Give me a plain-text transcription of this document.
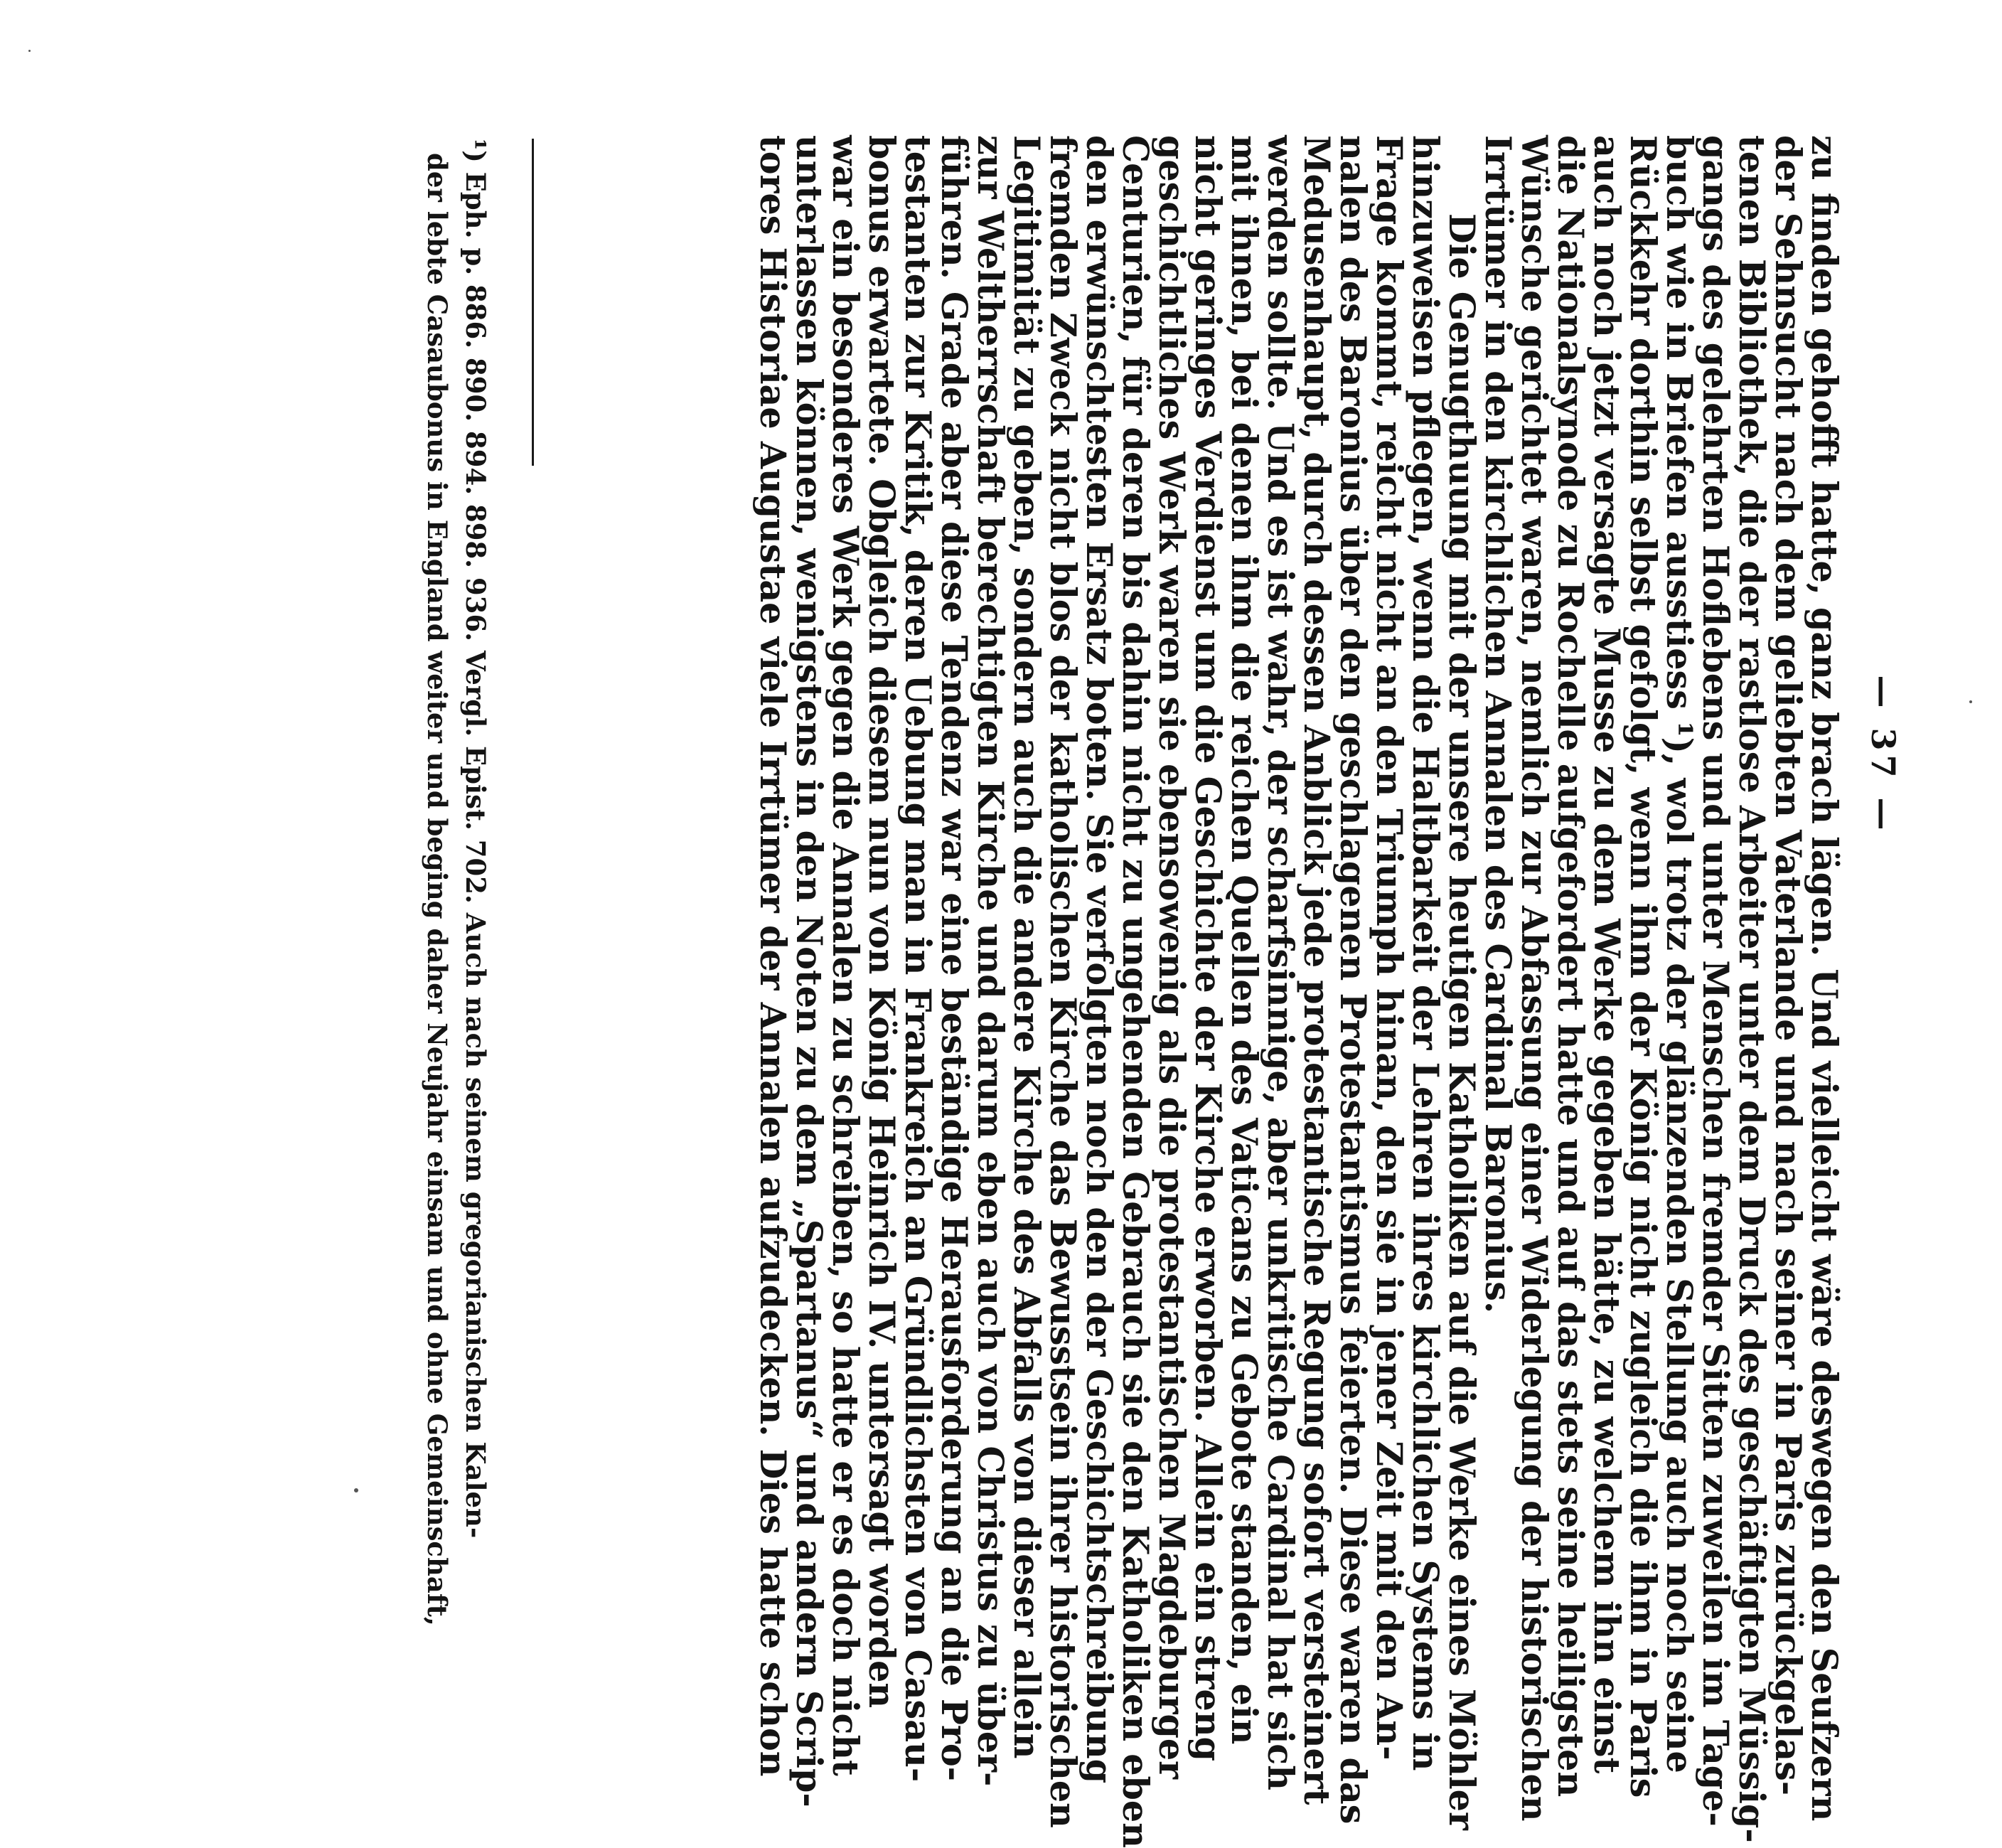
— 37 —
zu finden gehofft hatte, ganz brach lägen. Und vielleicht wäre deswegen den Seufzern
der Sehnsucht nach dem geliebten Vaterlande und nach seiner in Paris zurückgelas-
tenen Bibliothek, die der rastlose Arbeiter unter dem Druck des geschäftigten Müssig-
gangs des gelehrten Hoflebens und unter Menschen fremder Sitten zuweilen im Tage-
buch wie in Briefen ausstiess ¹), wol trotz der glänzenden Stellung auch noch seine
Rückkehr dorthin selbst gefolgt, wenn ihm der König nicht zugleich die ihm in Paris
auch noch jetzt versagte Musse zu dem Werke gegeben hätte, zu welchem ihn einst
die Nationalsynode zu Rochelle aufgefordert hatte und auf das stets seine heiligsten
Wünsche gerichtet waren, nemlich zur Abfassung einer Widerlegung der historischen
Irrtümer in den kirchlichen Annalen des Cardinal Baronius.
Die Genugthuung mit der unsere heutigen Katholiken auf die Werke eines Möhler
hinzuweisen pflegen, wenn die Haltbarkeit der Lehren ihres kirchlichen Systems in
Frage kommt, reicht nicht an den Triumph hinan, den sie in jener Zeit mit den An-
nalen des Baronius über den geschlagenen Protestantismus feierten. Diese waren das
Medusenhaupt, durch dessen Anblick jede protestantische Regung sofort versteinert
werden sollte. Und es ist wahr, der scharfsinnige, aber unkritische Cardinal hat sich
mit ihnen, bei denen ihm die reichen Quellen des Vaticans zu Gebote standen, ein
nicht geringes Verdienst um die Geschichte der Kirche erworben. Allein ein streng
geschichtliches Werk waren sie ebensowenig als die protestantischen Magdeburger
Centurien, für deren bis dahin nicht zu ungehenden Gebrauch sie den Katholiken eben
den erwünschtesten Ersatz boten. Sie verfolgten noch den der Geschichtschreibung
fremden Zweck nicht blos der katholischen Kirche das Bewusstsein ihrer historischen
Legitimität zu geben, sondern auch die andere Kirche des Abfalls von dieser allein
zur Weltherrschaft berechtigten Kirche und darum eben auch von Christus zu über-
führen. Grade aber diese Tendenz war eine beständige Herausforderung an die Pro-
testanten zur Kritik, deren Uebung man in Frankreich an Gründlichsten von Casau-
bonus erwartete. Obgleich diesem nun von König Heinrich IV. untersagt worden
war ein besonderes Werk gegen die Annalen zu schreiben, so hatte er es doch nicht
unterlassen können, wenigstens in den Noten zu dem „Spartanus“ und andern Scrip-
tores Historiae Augustae viele Irrtümer der Annalen aufzudecken. Dies hatte schon
¹) Eph. p. 886. 890. 894. 898. 936. Vergl. Epist. 702. Auch nach seinem gregorianischen Kalen-
der lebte Casaubonus in England weiter und beging daher Neujahr einsam und ohne Gemeinschaft,
